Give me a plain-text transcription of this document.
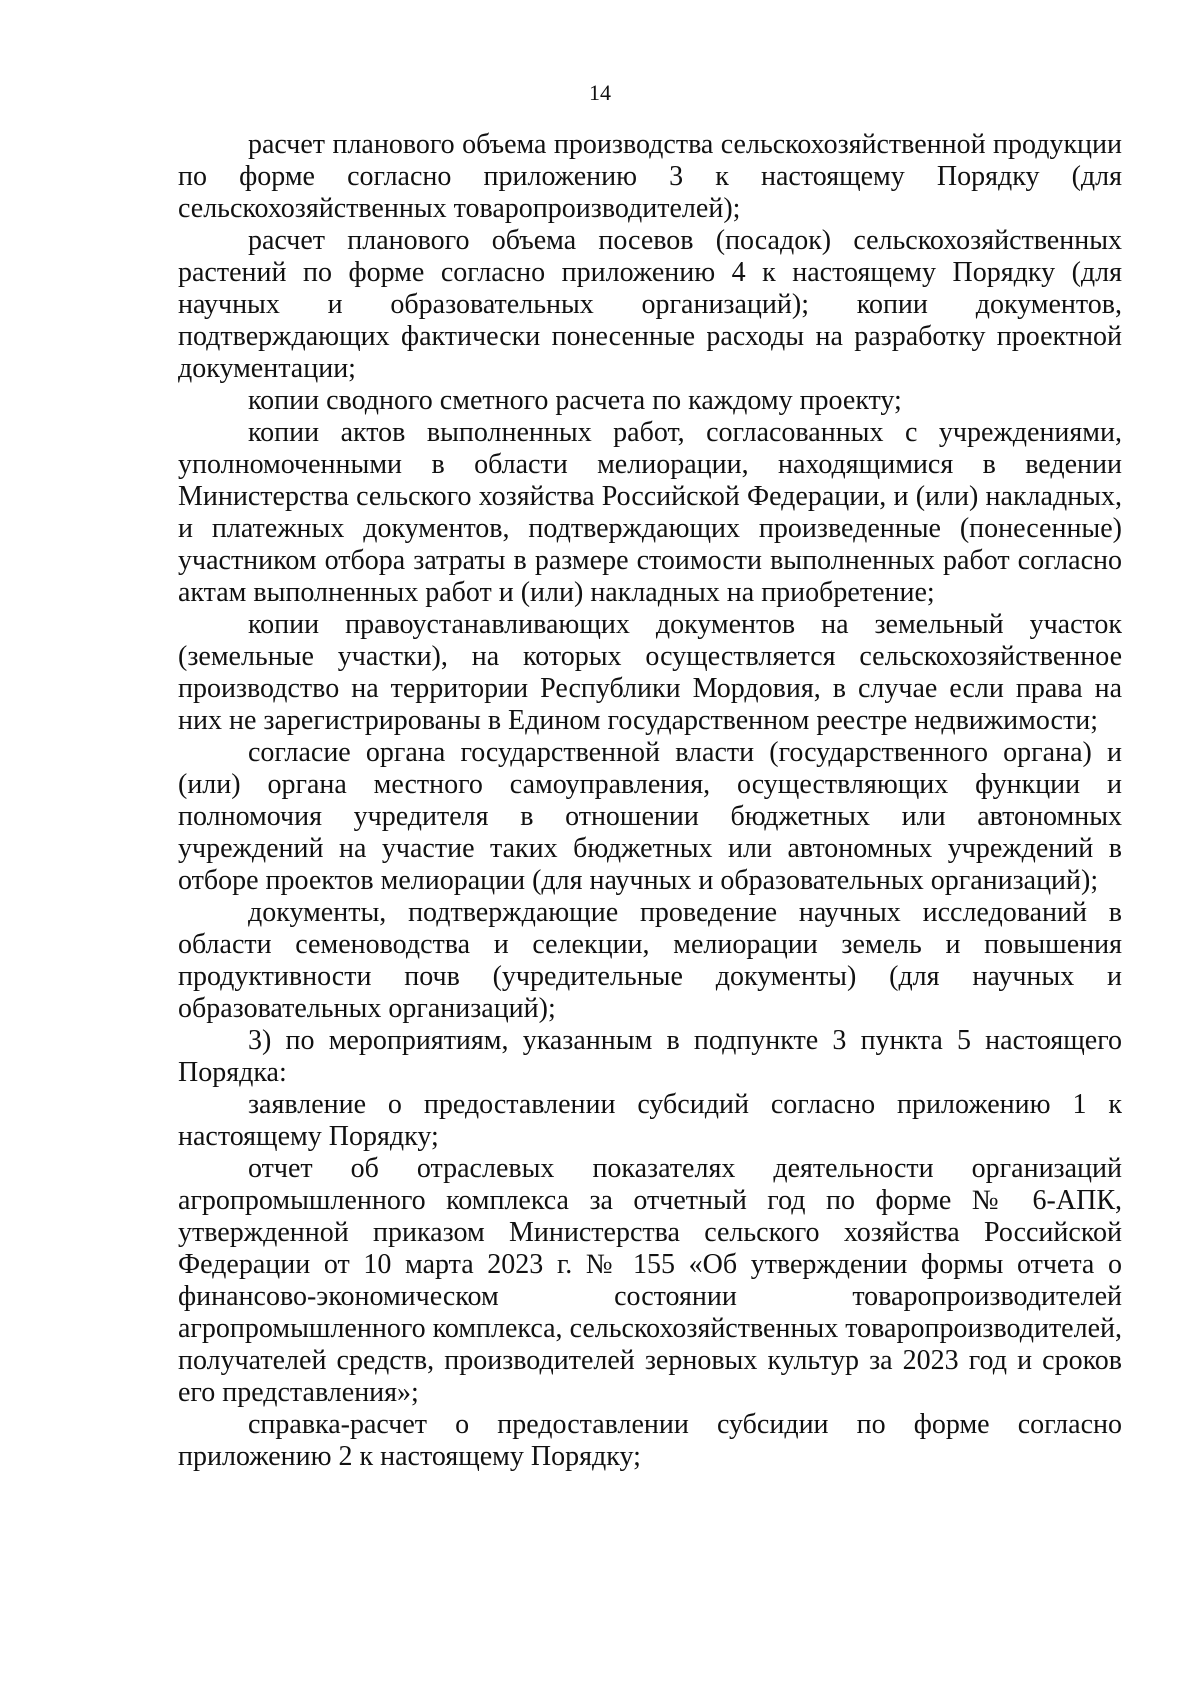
14

расчет планового объема производства сельскохозяйственной продукции по форме согласно приложению 3 к настоящему Порядку (для сельскохозяйственных товаропроизводителей);

расчет планового объема посевов (посадок) сельскохозяйственных растений по форме согласно приложению 4 к настоящему Порядку (для научных и образовательных организаций); копии документов, подтверждающих фактически понесенные расходы на разработку проектной документации;

копии сводного сметного расчета по каждому проекту;

копии актов выполненных работ, согласованных с учреждениями, уполномоченными в области мелиорации, находящимися в ведении Министерства сельского хозяйства Российской Федерации, и (или) накладных, и платежных документов, подтверждающих произведенные (понесенные) участником отбора затраты в размере стоимости выполненных работ согласно актам выполненных работ и (или) накладных на приобретение;

копии правоустанавливающих документов на земельный участок (земельные участки), на которых осуществляется сельскохозяйственное производство на территории Республики Мордовия, в случае если права на них не зарегистрированы в Едином государственном реестре недвижимости;

согласие органа государственной власти (государственного органа) и (или) органа местного самоуправления, осуществляющих функции и полномочия учредителя в отношении бюджетных или автономных учреждений на участие таких бюджетных или автономных учреждений в отборе проектов мелиорации (для научных и образовательных организаций);

документы, подтверждающие проведение научных исследований в области семеноводства и селекции, мелиорации земель и повышения продуктивности почв (учредительные документы) (для научных и образовательных организаций);

3) по мероприятиям, указанным в подпункте 3 пункта 5 настоящего Порядка:

заявление о предоставлении субсидий согласно приложению 1 к настоящему Порядку;

отчет об отраслевых показателях деятельности организаций агропромышленного комплекса за отчетный год по форме № 6-АПК, утвержденной приказом Министерства сельского хозяйства Российской Федерации от 10 марта 2023 г. № 155 «Об утверждении формы отчета о финансово-экономическом состоянии товаропроизводителей агропромышленного комплекса, сельскохозяйственных товаропроизводителей, получателей средств, производителей зерновых культур за 2023 год и сроков его представления»;

справка-расчет о предоставлении субсидии по форме согласно приложению 2 к настоящему Порядку;
